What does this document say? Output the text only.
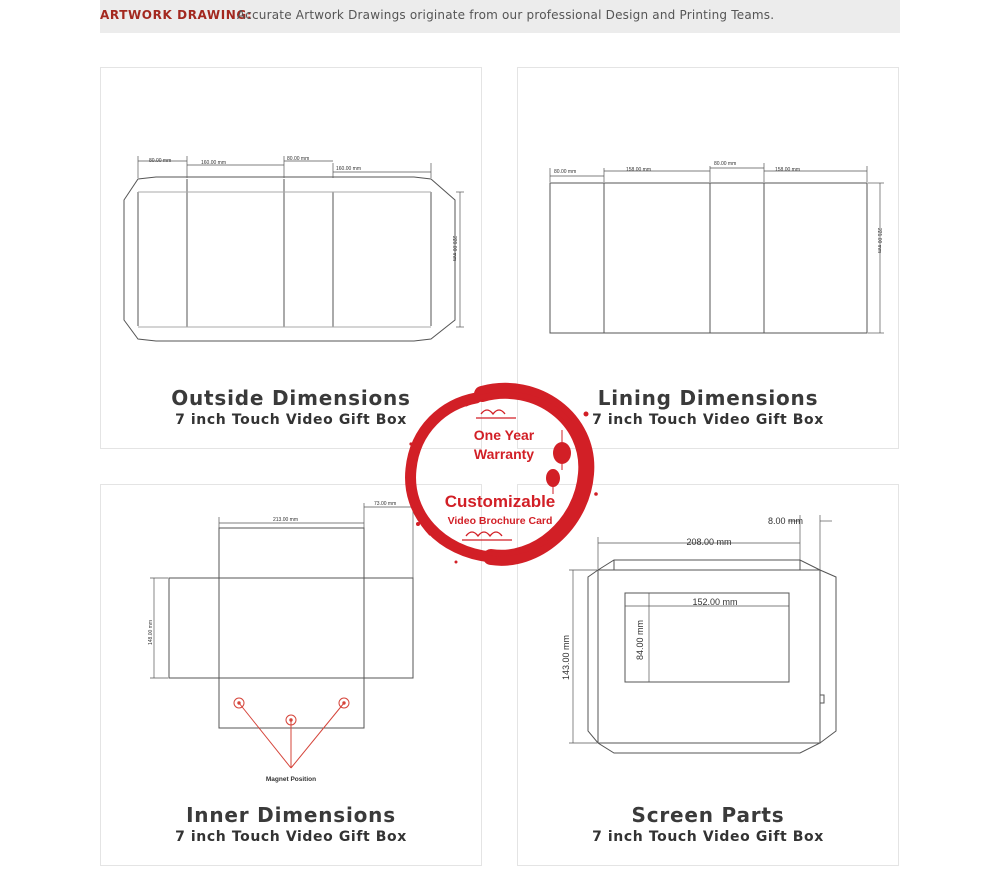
ARTWORK DRAWING:
Accurate Artwork Drawings originate from our professional Design and Printing Teams.
80.00 mm	160.00 mm
80.00 mm
160.00 mm
220.00 mm
Outside Dimensions
7 inch Touch Video Gift Box
80.00 mm	158.00 mm
80.00 mm
158.00 mm
221.00 mm
Lining Dimensions
7 inch Touch Video Gift Box
213.00 mm
73.00 mm
148.00 mm
Magnet Position
Inner Dimensions
7 inch Touch Video Gift Box
8.00 mm
208.00 mm
143.00 mm
152.00 mm
84.00 mm
Screen Parts
7 inch Touch Video Gift Box
One Year
Warranty
Customizable
Video Brochure Card
